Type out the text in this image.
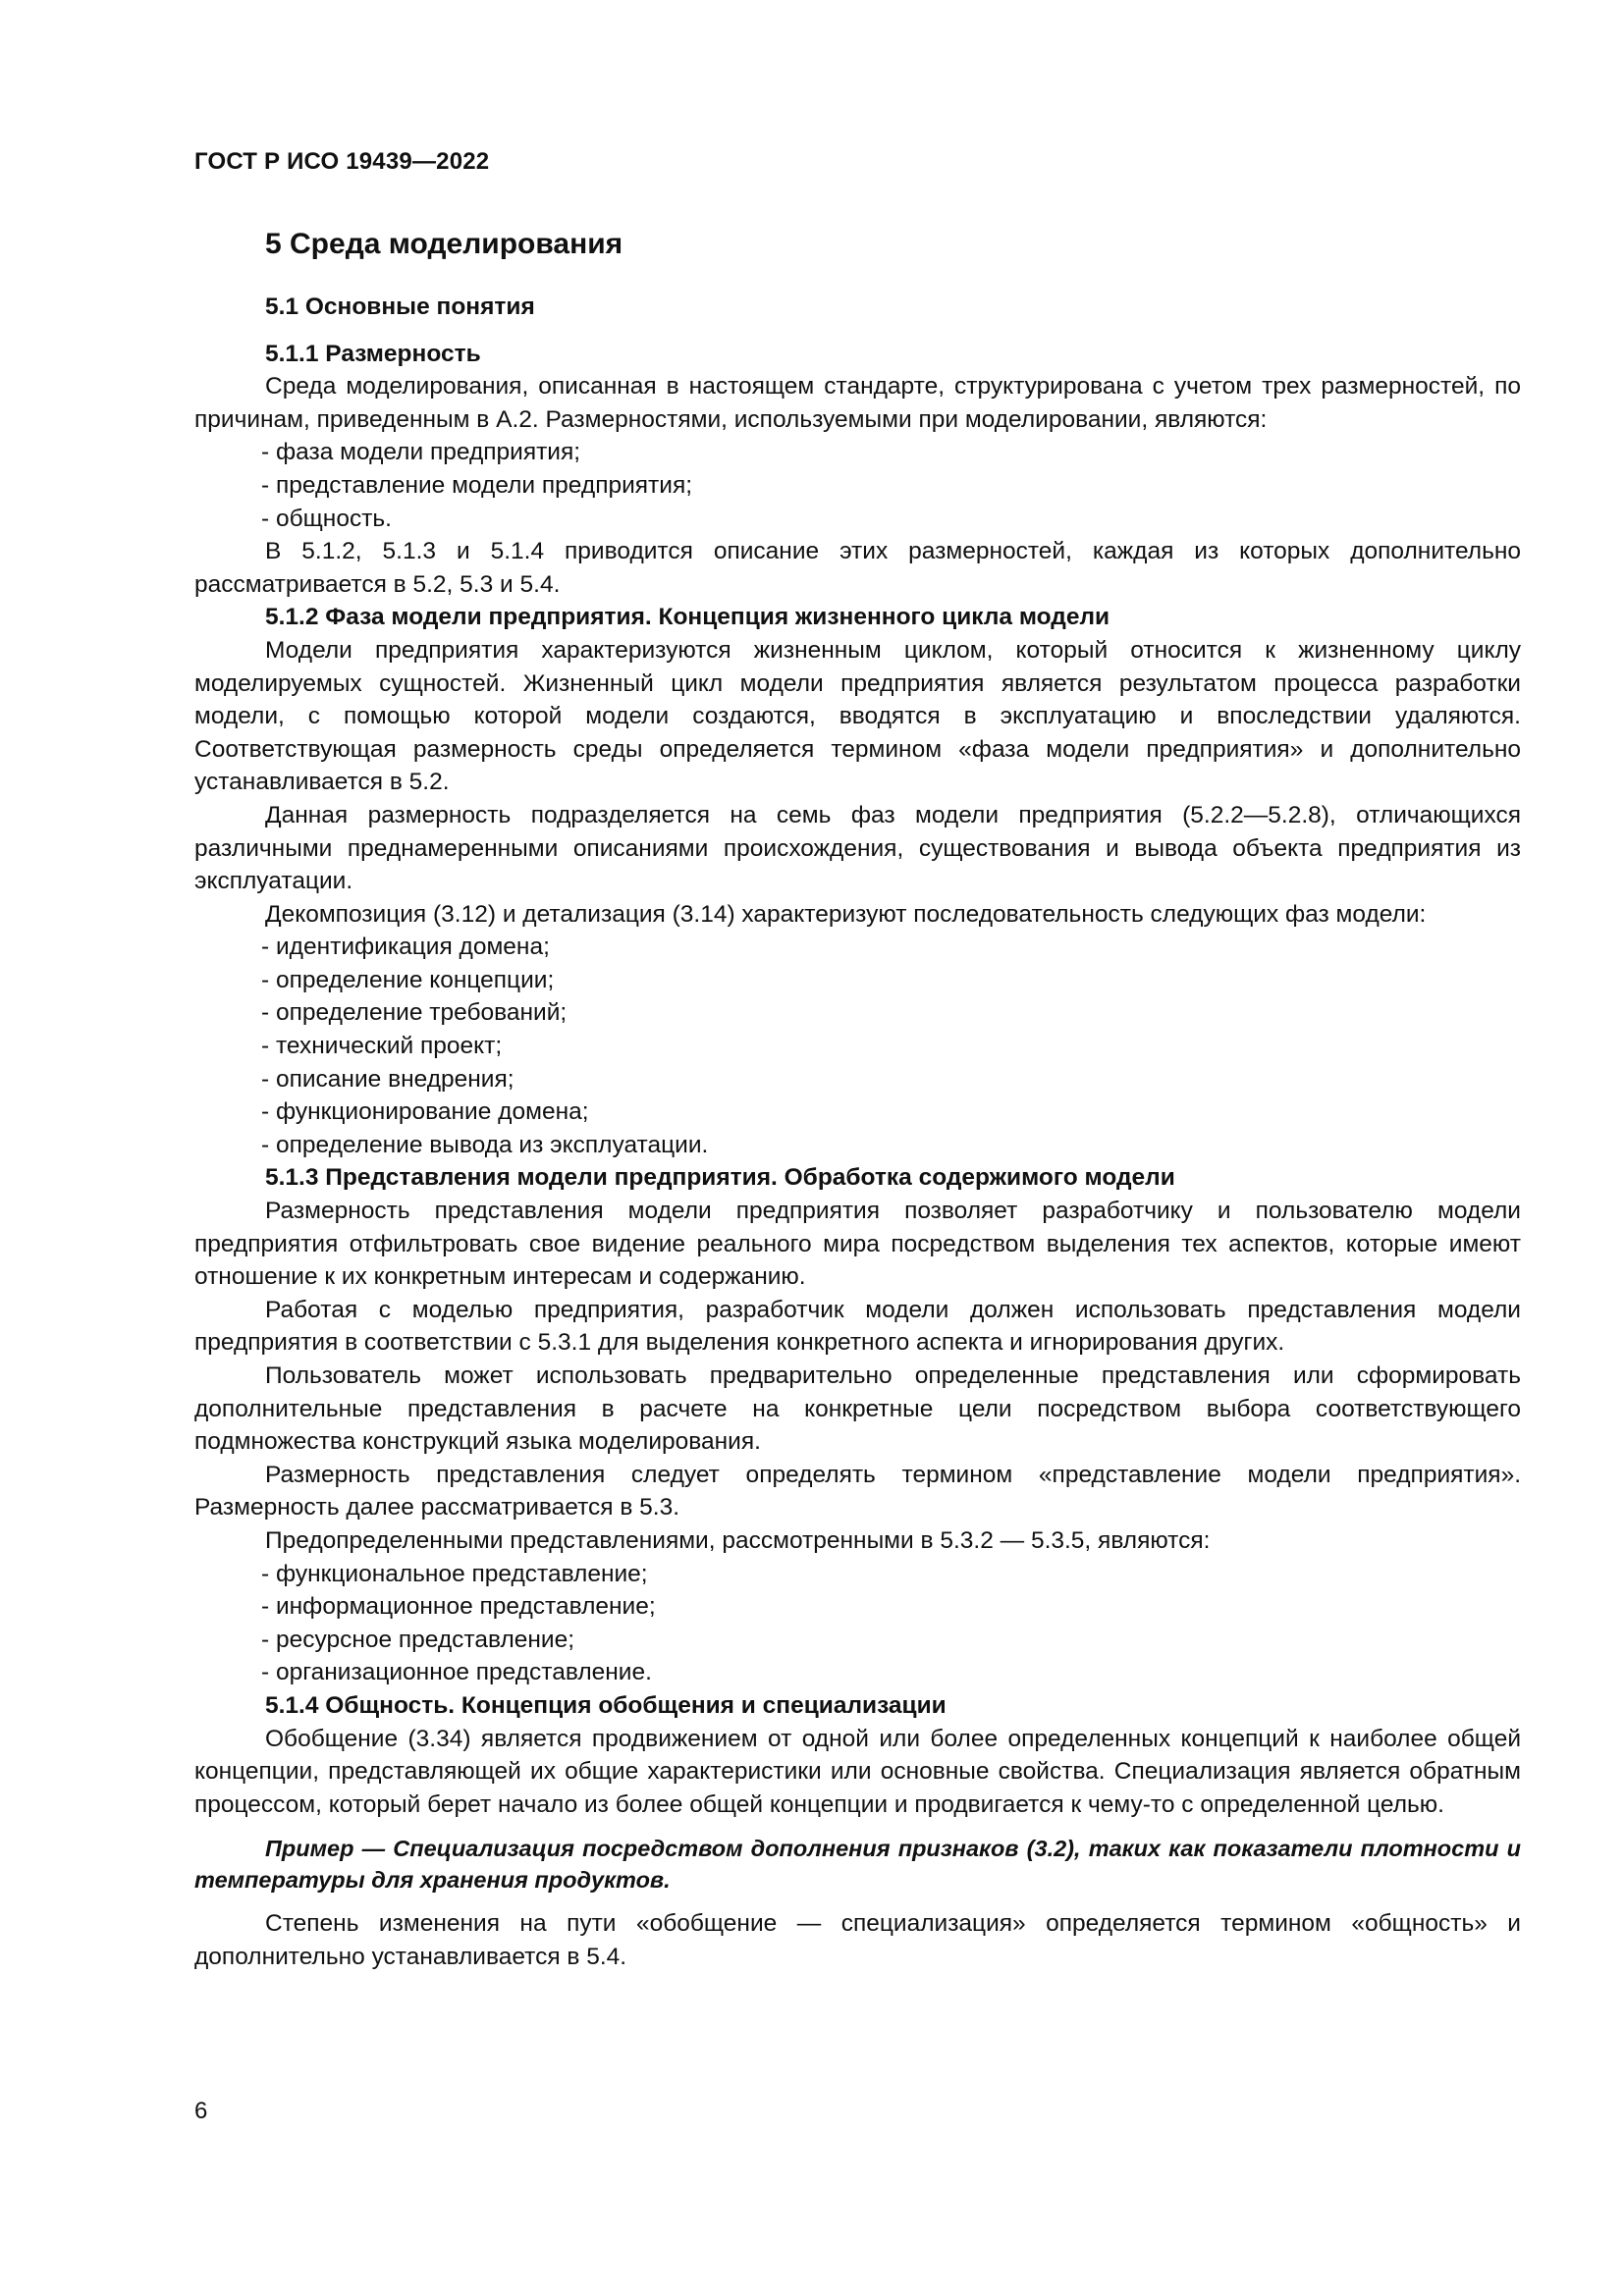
ГОСТ Р ИСО 19439—2022
5 Среда моделирования
5.1 Основные понятия
5.1.1 Размерность

Среда моделирования, описанная в настоящем стандарте, структурирована с учетом трех размерностей, по причинам, приведенным в А.2. Размерностями, используемыми при моделировании, являются:

- фаза модели предприятия;
- представление модели предприятия;
- общность.

В 5.1.2, 5.1.3 и 5.1.4 приводится описание этих размерностей, каждая из которых дополнительно рассматривается в 5.2, 5.3 и 5.4.

5.1.2 Фаза модели предприятия. Концепция жизненного цикла модели

Модели предприятия характеризуются жизненным циклом, который относится к жизненному циклу моделируемых сущностей. Жизненный цикл модели предприятия является результатом процесса разработки модели, с помощью которой модели создаются, вводятся в эксплуатацию и впоследствии удаляются. Соответствующая размерность среды определяется термином «фаза модели предприятия» и дополнительно устанавливается в 5.2.

Данная размерность подразделяется на семь фаз модели предприятия (5.2.2—5.2.8), отличающихся различными преднамеренными описаниями происхождения, существования и вывода объекта предприятия из эксплуатации.

Декомпозиция (3.12) и детализация (3.14) характеризуют последовательность следующих фаз модели:

- идентификация домена;
- определение концепции;
- определение требований;
- технический проект;
- описание внедрения;
- функционирование домена;
- определение вывода из эксплуатации.
5.1.3 Представления модели предприятия. Обработка содержимого модели

Размерность представления модели предприятия позволяет разработчику и пользователю модели предприятия отфильтровать свое видение реального мира посредством выделения тех аспектов, которые имеют отношение к их конкретным интересам и содержанию.

Работая с моделью предприятия, разработчик модели должен использовать представления модели предприятия в соответствии с 5.3.1 для выделения конкретного аспекта и игнорирования других.

Пользователь может использовать предварительно определенные представления или сформировать дополнительные представления в расчете на конкретные цели посредством выбора соответствующего подмножества конструкций языка моделирования.

Размерность представления следует определять термином «представление модели предприятия». Размерность далее рассматривается в 5.3.

Предопределенными представлениями, рассмотренными в 5.3.2 — 5.3.5, являются:

- функциональное представление;
- информационное представление;
- ресурсное представление;
- организационное представление.
5.1.4 Общность. Концепция обобщения и специализации

Обобщение (3.34) является продвижением от одной или более определенных концепций к наиболее общей концепции, представляющей их общие характеристики или основные свойства. Специализация является обратным процессом, который берет начало из более общей концепции и продвигается к чему-то с определенной целью.

Пример — Специализация посредством дополнения признаков (3.2), таких как показатели плотности и температуры для хранения продуктов.

Степень изменения на пути «обобщение — специализация» определяется термином «общность» и дополнительно устанавливается в 5.4.

6
